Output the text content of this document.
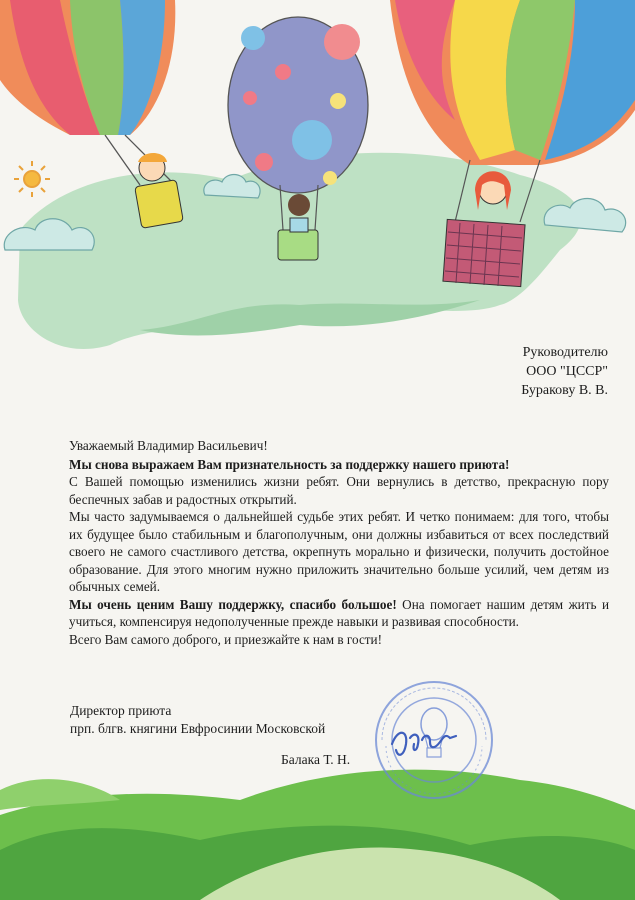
Руководителю
ООО "ЦССР"
Буракову В. В.

Уважаемый Владимир Васильевич!

Мы снова выражаем Вам признательность за поддержку нашего приюта!

С Вашей помощью изменились жизни ребят. Они вернулись в детство, прекрасную пору беспечных забав и радостных открытий.

Мы часто задумываемся о дальнейшей судьбе этих ребят. И четко понимаем: для того, чтобы их будущее было стабильным и благополучным, они должны избавиться от всех последствий своего не самого счастливого детства, окрепнуть морально и физически, получить достойное образование. Для этого многим нужно приложить значительно больше усилий, чем детям из обычных семей.

Мы очень ценим Вашу поддержку, спасибо большое! Она помогает нашим детям жить и учиться, компенсируя недополученные прежде навыки и развивая способности.

Всего Вам самого доброго, и приезжайте к нам в гости!

Директор приюта
прп. блгв. княгини Евфросинии Московской
Балака Т. Н.
